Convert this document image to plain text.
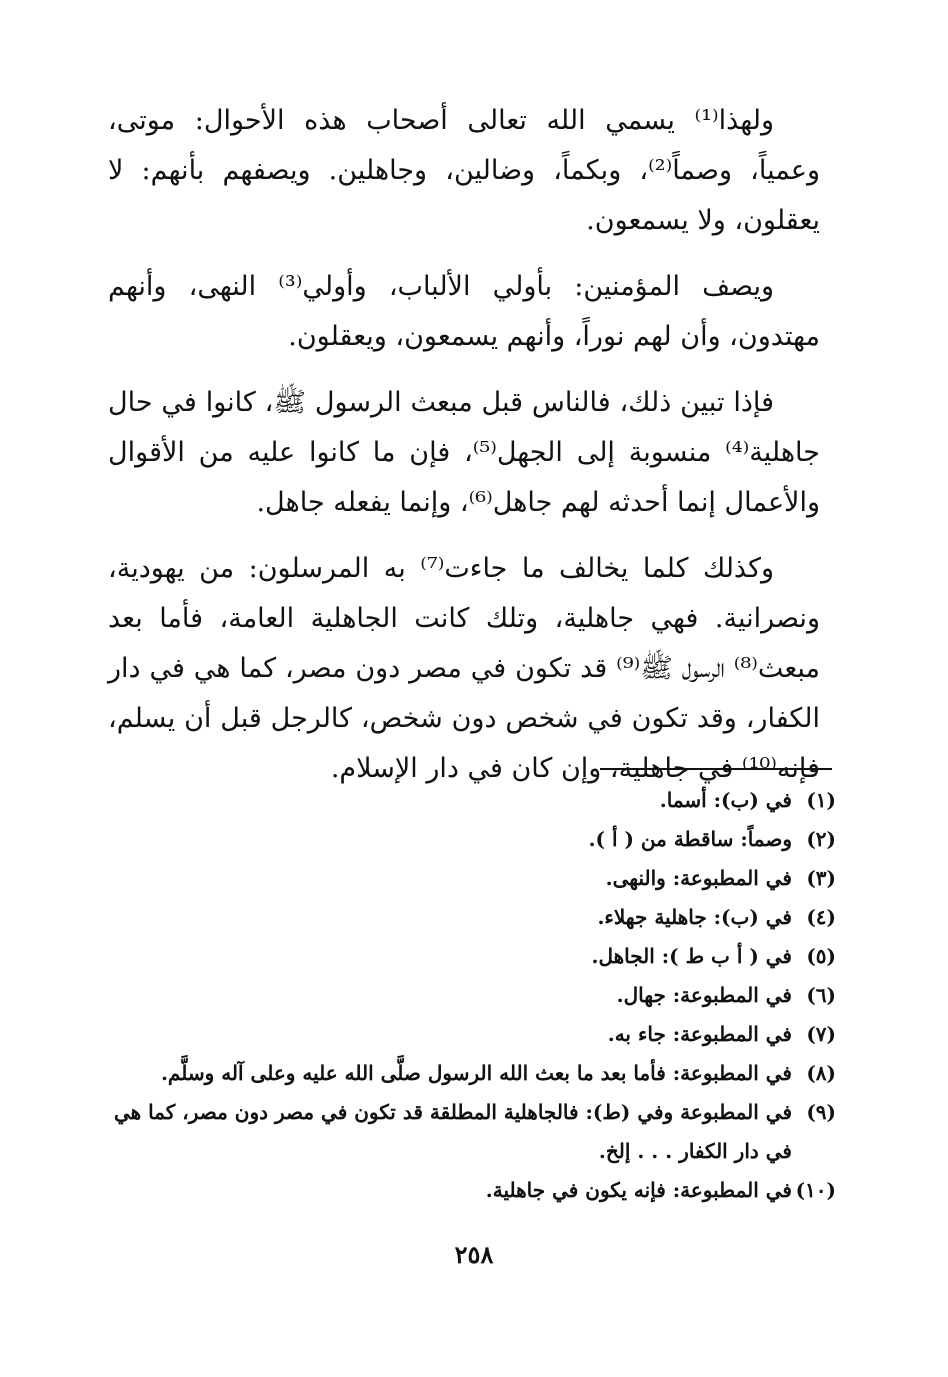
ولهذا⁽¹⁾ يسمي الله تعالى أصحاب هذه الأحوال: موتى، وعمياً، وصماً⁽²⁾، وبكماً، وضالين، وجاهلين. ويصفهم بأنهم: لا يعقلون، ولا يسمعون.

ويصف المؤمنين: بأولي الألباب، وأولي⁽³⁾ النهى، وأنهم مهتدون، وأن لهم نوراً، وأنهم يسمعون، ويعقلون.

فإذا تبين ذلك، فالناس قبل مبعث الرسول ﷺ، كانوا في حال جاهلية⁽⁴⁾ منسوبة إلى الجهل⁽⁵⁾، فإن ما كانوا عليه من الأقوال والأعمال إنما أحدثه لهم جاهل⁽⁶⁾، وإنما يفعله جاهل.

وكذلك كلما يخالف ما جاءت⁽⁷⁾ به المرسلون: من يهودية، ونصرانية. فهي جاهلية، وتلك كانت الجاهلية العامة، فأما بعد مبعث⁽⁸⁾ الرسول ﷺ⁽⁹⁾ قد تكون في مصر دون مصر، كما هي في دار الكفار، وقد تكون في شخص دون شخص، كالرجل قبل أن يسلم، فإنه⁽¹⁰⁾ في جاهلية، وإن كان في دار الإسلام.

(١)
في (ب): أسما.
(٢)
وصماً: ساقطة من ( أ ).
(٣)
في المطبوعة: والنهى.
(٤)
في (ب): جاهلية جهلاء.
(٥)
في ( أ ب ط ): الجاهل.
(٦)
في المطبوعة: جهال.
(٧)
في المطبوعة: جاء به.
(٨)
في المطبوعة: فأما بعد ما بعث الله الرسول صلَّى الله عليه وعلى آله وسلَّم.
(٩)
في المطبوعة وفي (ط): فالجاهلية المطلقة قد تكون في مصر دون مصر، كما هي في دار الكفار . . . إلخ.
(١٠)
في المطبوعة: فإنه يكون في جاهلية.
٢٥٨
